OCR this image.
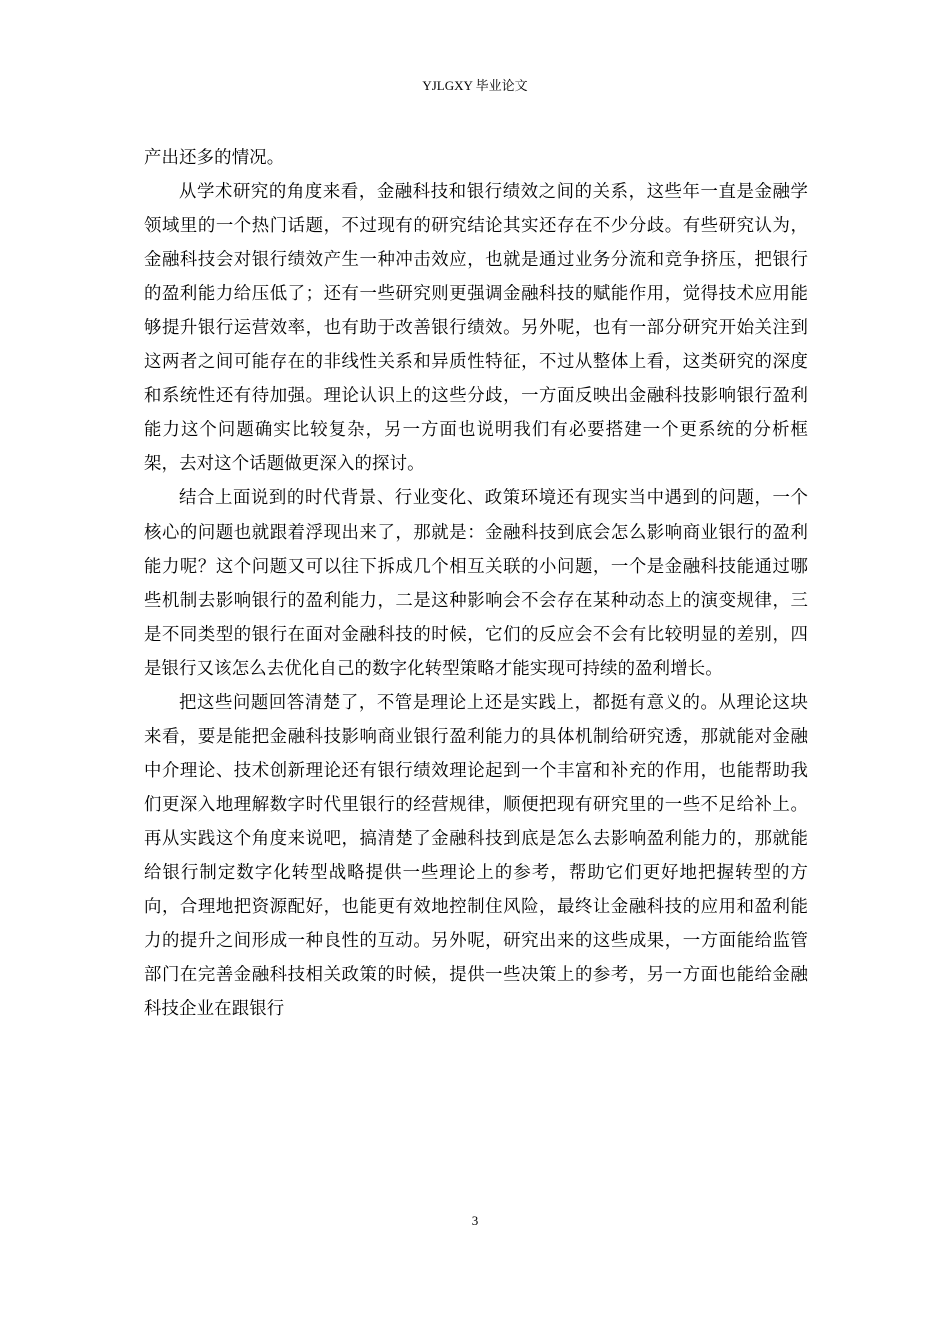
YJLGXY 毕业论文

产出还多的情况。

从学术研究的角度来看，金融科技和银行绩效之间的关系，这些年一直是金融学领域里的一个热门话题，不过现有的研究结论其实还存在不少分歧。有些研究认为，金融科技会对银行绩效产生一种冲击效应，也就是通过业务分流和竞争挤压，把银行的盈利能力给压低了；还有一些研究则更强调金融科技的赋能作用，觉得技术应用能够提升银行运营效率，也有助于改善银行绩效。另外呢，也有一部分研究开始关注到这两者之间可能存在的非线性关系和异质性特征，不过从整体上看，这类研究的深度和系统性还有待加强。理论认识上的这些分歧，一方面反映出金融科技影响银行盈利能力这个问题确实比较复杂，另一方面也说明我们有必要搭建一个更系统的分析框架，去对这个话题做更深入的探讨。

结合上面说到的时代背景、行业变化、政策环境还有现实当中遇到的问题，一个核心的问题也就跟着浮现出来了，那就是：金融科技到底会怎么影响商业银行的盈利能力呢？这个问题又可以往下拆成几个相互关联的小问题，一个是金融科技能通过哪些机制去影响银行的盈利能力，二是这种影响会不会存在某种动态上的演变规律，三是不同类型的银行在面对金融科技的时候，它们的反应会不会有比较明显的差别，四是银行又该怎么去优化自己的数字化转型策略才能实现可持续的盈利增长。

把这些问题回答清楚了，不管是理论上还是实践上，都挺有意义的。从理论这块来看，要是能把金融科技影响商业银行盈利能力的具体机制给研究透，那就能对金融中介理论、技术创新理论还有银行绩效理论起到一个丰富和补充的作用，也能帮助我们更深入地理解数字时代里银行的经营规律，顺便把现有研究里的一些不足给补上。再从实践这个角度来说吧，搞清楚了金融科技到底是怎么去影响盈利能力的，那就能给银行制定数字化转型战略提供一些理论上的参考，帮助它们更好地把握转型的方向，合理地把资源配好，也能更有效地控制住风险，最终让金融科技的应用和盈利能力的提升之间形成一种良性的互动。另外呢，研究出来的这些成果，一方面能给监管部门在完善金融科技相关政策的时候，提供一些决策上的参考，另一方面也能给金融科技企业在跟银行

3
